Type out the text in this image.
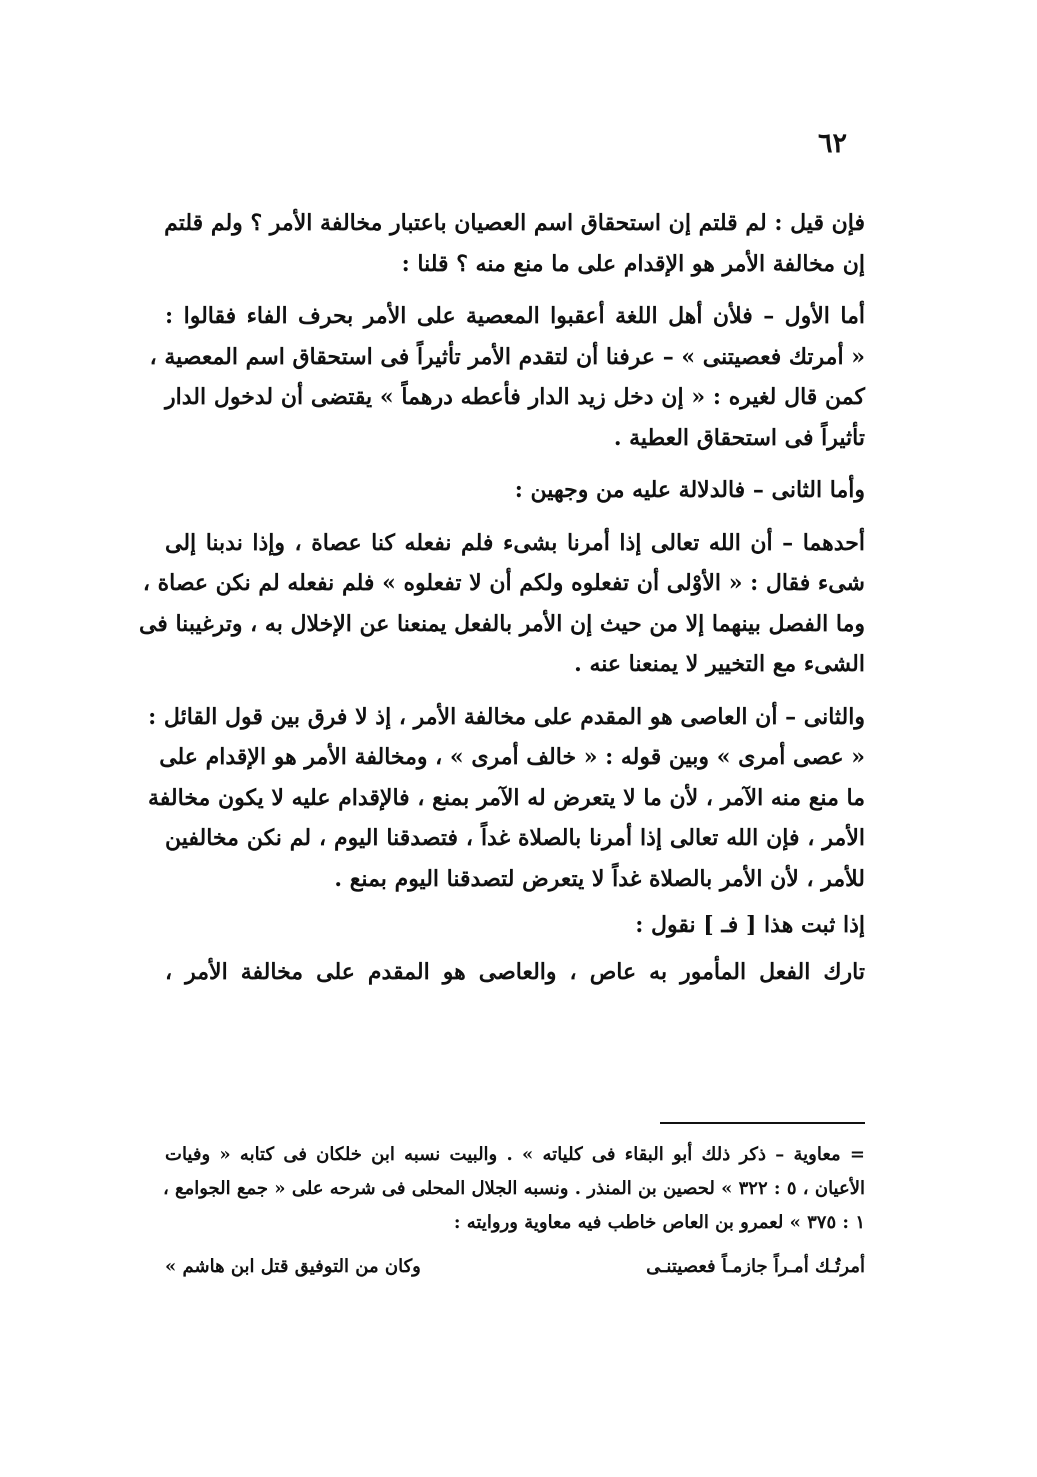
٦٢

فإن قيل : لم قلتم إن استحقاق اسم العصيان باعتبار مخالفة الأمر ؟ ولم قلتم
إن مخالفة الأمر هو الإقدام على ما منع منه ؟ قلنا :

أما الأول – فلأن أهل اللغة أعقبوا المعصية على الأمر بحرف الفاء فقالوا :
« أمرتك فعصيتنى » – عرفنا أن لتقدم الأمر تأثيراً فى استحقاق اسم المعصية ،
كمن قال لغيره : « إن دخل زيد الدار فأعطه درهماً » يقتضى أن لدخول الدار
تأثيراً فى استحقاق العطية .

وأما الثانى – فالدلالة عليه من وجهين :

أحدهما – أن الله تعالى إذا أمرنا بشىء فلم نفعله كنا عصاة ، وإذا ندبنا إلى
شىء فقال : « الأوْلى أن تفعلوه ولكم أن لا تفعلوه » فلم نفعله لم نكن عصاة ،
وما الفصل بينهما إلا من حيث إن الأمر بالفعل يمنعنا عن الإخلال به ، وترغيبنا فى
الشىء مع التخيير لا يمنعنا عنه .

والثانى – أن العاصى هو المقدم على مخالفة الأمر ، إذ لا فرق بين قول القائل :
« عصى أمرى » وبين قوله : « خالف أمرى » ، ومخالفة الأمر هو الإقدام على
ما منع منه الآمر ، لأن ما لا يتعرض له الآمر بمنع ، فالإقدام عليه لا يكون مخالفة
الأمر ، فإن الله تعالى إذا أمرنا بالصلاة غداً ، فتصدقنا اليوم ، لم نكن مخالفين
للأمر ، لأن الأمر بالصلاة غداً لا يتعرض لتصدقنا اليوم بمنع .

إذا ثبت هذا [ فـ ] نقول :

تارك الفعل المأمور به عاص ، والعاصى هو المقدم على مخالفة الأمر ،

= معاوية – ذكر ذلك أبو البقاء فى كلياته » . والبيت نسبه ابن خلكان فى كتابه « وفيات
الأعيان ، ٥ : ٣٢٢ » لحصين بن المنذر . ونسبه الجلال المحلى فى شرحه على « جمع الجوامع ،
١ : ٣٧٥ » لعمرو بن العاص خاطب فيه معاوية وروايته :

أمرتُـك أمـراً جازمـاً فعصيتنـى
وكان من التوفيق قتل ابن هاشم »
